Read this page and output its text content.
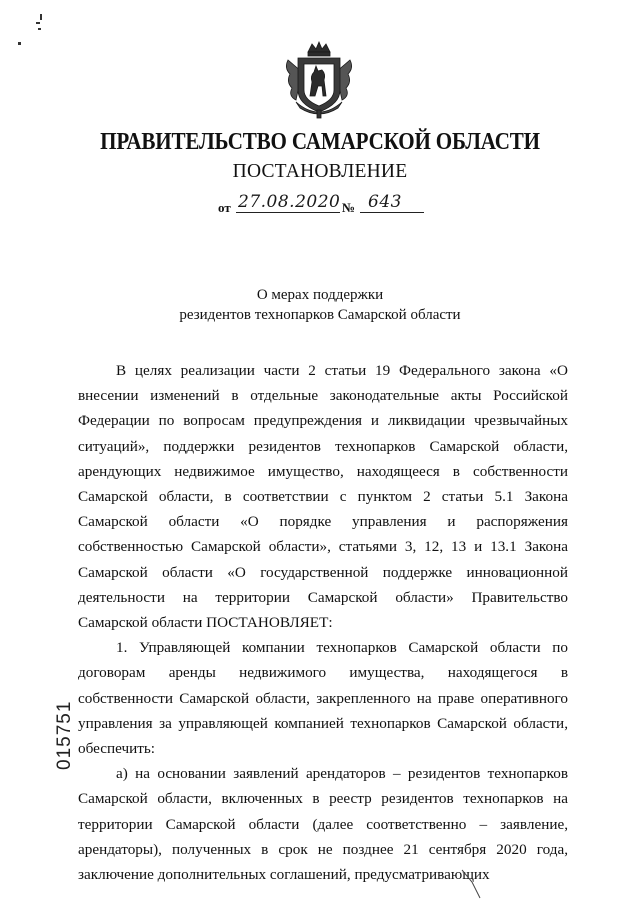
ПРАВИТЕЛЬСТВО САМАРСКОЙ ОБЛАСТИ
ПОСТАНОВЛЕНИЕ
от 27.08.2020 № 643
О мерах поддержки
резидентов технопарков Самарской области

В целях реализации части 2 статьи 19 Федерального закона «О внесении изменений в отдельные законодательные акты Российской Федерации по вопросам предупреждения и ликвидации чрезвычайных ситуаций», поддержки резидентов технопарков Самарской области, арендующих недвижимое имущество, находящееся в собственности Самарской области, в соответствии с пунктом 2 статьи 5.1 Закона Самарской области «О порядке управления и распоряжения собственностью Самарской области», статьями 3, 12, 13 и 13.1 Закона Самарской области «О государственной поддержке инновационной деятельности на территории Самарской области» Правительство Самарской области ПОСТАНОВЛЯЕТ:

1. Управляющей компании технопарков Самарской области по договорам аренды недвижимого имущества, находящегося в собственности Самарской области, закрепленного на праве оперативного управления за управляющей компанией технопарков Самарской области, обеспечить:

а) на основании заявлений арендаторов – резидентов технопарков Самарской области, включенных в реестр резидентов технопарков на территории Самарской области (далее соответственно – заявление, арендаторы), полученных в срок не позднее 21 сентября 2020 года, заключение дополнительных соглашений, предусматривающих

015751
